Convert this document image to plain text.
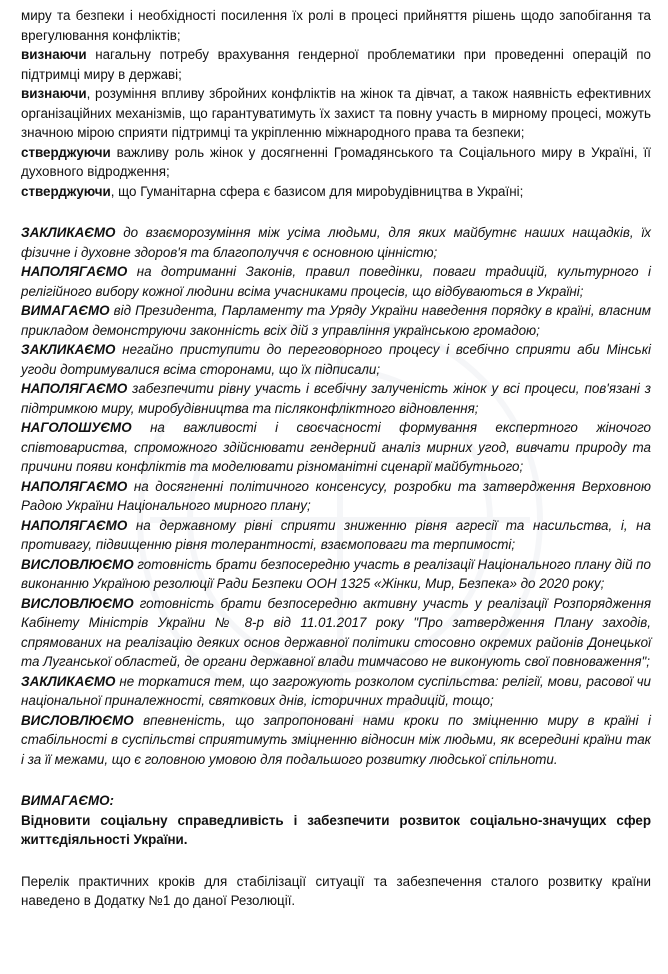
миру та безпеки і необхідності посилення їх ролі в процесі прийняття рішень щодо запобігання та врегулювання конфліктів;

визнаючи нагальну потребу врахування гендерної проблематики при проведенні операцій по підтримці миру в державі;

визнаючи, розуміння впливу збройних конфліктів на жінок та дівчат, а також наявність ефективних організаційних механізмів, що гарантуватимуть їх захист та повну участь в мирному процесі, можуть значною мірою сприяти підтримці та укріпленню міжнародного права та безпеки;

стверджуючи важливу роль жінок у досягненні Громадянського та Соціального миру в Україні, її духовного відродження;

стверджуючи, що Гуманітарна сфера є базисом для мирobудівництва в Україні;

ЗАКЛИКАЄМО до взаєморозуміння між усіма людьми, для яких майбутнє наших нащадків, їх фізичне і духовне здоров'я та благополуччя є основною цінністю;

НАПОЛЯГАЄМО на дотриманні Законів, правил поведінки, поваги традицій, культурного і релігійного вибору кожної людини всіма учасниками процесів, що відбуваються в Україні;

ВИМАГАЄМО від Президента, Парламенту та Уряду України наведення порядку в країні, власним прикладом демонструючи законність всіх дій з управління українською громадою;

ЗАКЛИКАЄМО негайно приступити до переговорного процесу і всебічно сприяти аби Мінські угоди дотримувалися всіма сторонами, що їх підписали;

НАПОЛЯГАЄМО забезпечити рівну участь і всебічну залученість жінок у всі процеси, пов'язані з підтримкою миру, миробудівництва та післяконфліктного відновлення;

НАГОЛОШУЄМО на важливості і своєчасності формування експертного жіночого співтовариства, спроможного здійснювати гендерний аналіз мирних угод, вивчати природу та причини появи конфліктів та моделювати різноманітні сценарії майбутнього;

НАПОЛЯГАЄМО на досягненні політичного консенсусу, розробки та затвердження Верховною Радою України Національного мирного плану;

НАПОЛЯГАЄМО на державному рівні сприяти зниженню рівня агресії та насильства, і, на противагу, підвищенню рівня толерантності, взаємоповаги та терпимості;

ВИСЛОВЛЮЄМО готовність брати безпосередню участь в реалізації Національного плану дій по виконанню Україною резолюції Ради Безпеки ООН 1325 «Жінки, Мир, Безпека» до 2020 року;

ВИСЛОВЛЮЄМО готовність брати безпосередню активну участь у реалізації Розпорядження Кабінету Міністрів України № 8-р від 11.01.2017 року "Про затвердження Плану заходів, спрямованих на реалізацію деяких основ державної політики стосовно окремих районів Донецької та Луганської областей, де органи державної влади тимчасово не виконують свої повноваження";

ЗАКЛИКАЄМО не торкатися тем, що загрожують розколом суспільства: релігії, мови, расової чи національної приналежності, святкових днів, історичних традицій, тощо;

ВИСЛОВЛЮЄМО впевненість, що запропоновані нами кроки по зміцненню миру в країні і стабільності в суспільстві сприятимуть зміцненню відносин між людьми, як всередині країни так і за її межами, що є головною умовою для подальшого розвитку людської спільноти.

ВИМАГАЄМО:

Відновити соціальну справедливість і забезпечити розвиток соціально-значущих сфер життєдіяльності України.

Перелік практичних кроків для стабілізації ситуації та забезпечення сталого розвитку країни наведено в Додатку №1 до даної Резолюції.
